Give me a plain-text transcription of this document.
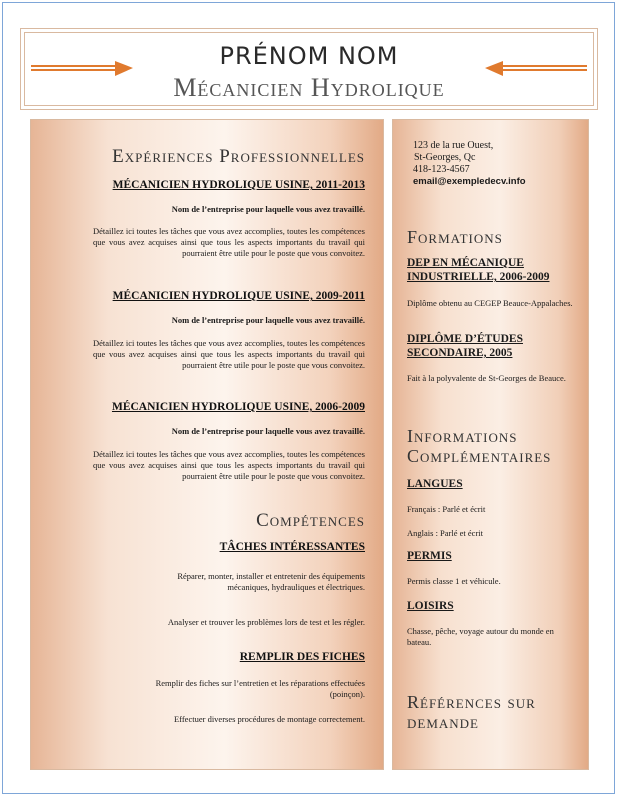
PRÉNOM NOM
Mécanicien Hydrolique
Expériences Professionnelles
MÉCANICIEN HYDROLIQUE USINE, 2011-2013
Nom de l’entreprise pour laquelle vous avez travaillé.
Détaillez ici toutes les tâches que vous avez accomplies, toutes les compétences que vous avez acquises ainsi que tous les aspects importants du travail qui pourraient être utile pour le poste que vous convoitez.
MÉCANICIEN HYDROLIQUE USINE, 2009-2011
Nom de l’entreprise pour laquelle vous avez travaillé.
Détaillez ici toutes les tâches que vous avez accomplies, toutes les compétences que vous avez acquises ainsi que tous les aspects importants du travail qui pourraient être utile pour le poste que vous convoitez.
MÉCANICIEN HYDROLIQUE USINE, 2006-2009
Nom de l’entreprise pour laquelle vous avez travaillé.
Détaillez ici toutes les tâches que vous avez accomplies, toutes les compétences que vous avez acquises ainsi que tous les aspects importants du travail qui pourraient être utile pour le poste que vous convoitez.
Compétences
TÂCHES INTÉRESSANTES
Réparer, monter, installer et entretenir des équipements mécaniques, hydrauliques et électriques.
Analyser et trouver les problèmes lors de test et les régler.
REMPLIR DES FICHES
Remplir des fiches sur l’entretien et les réparations effectuées (poinçon).
Effectuer diverses procédures de montage correctement.
123 de la rue Ouest,
St-Georges, Qc
418-123-4567
email@exempledecv.info
Formations
DEP EN MÉCANIQUE INDUSTRIELLE, 2006-2009
Diplôme obtenu au CEGEP Beauce-Appalaches.
DIPLÔME D’ÉTUDES SECONDAIRE, 2005
Fait à la polyvalente de St-Georges de Beauce.
Informations Complémentaires
LANGUES
Français : Parlé et écrit
Anglais : Parlé et écrit
PERMIS
Permis classe 1 et véhicule.
LOISIRS
Chasse, pêche, voyage autour du monde en bateau.
Références sur demande
